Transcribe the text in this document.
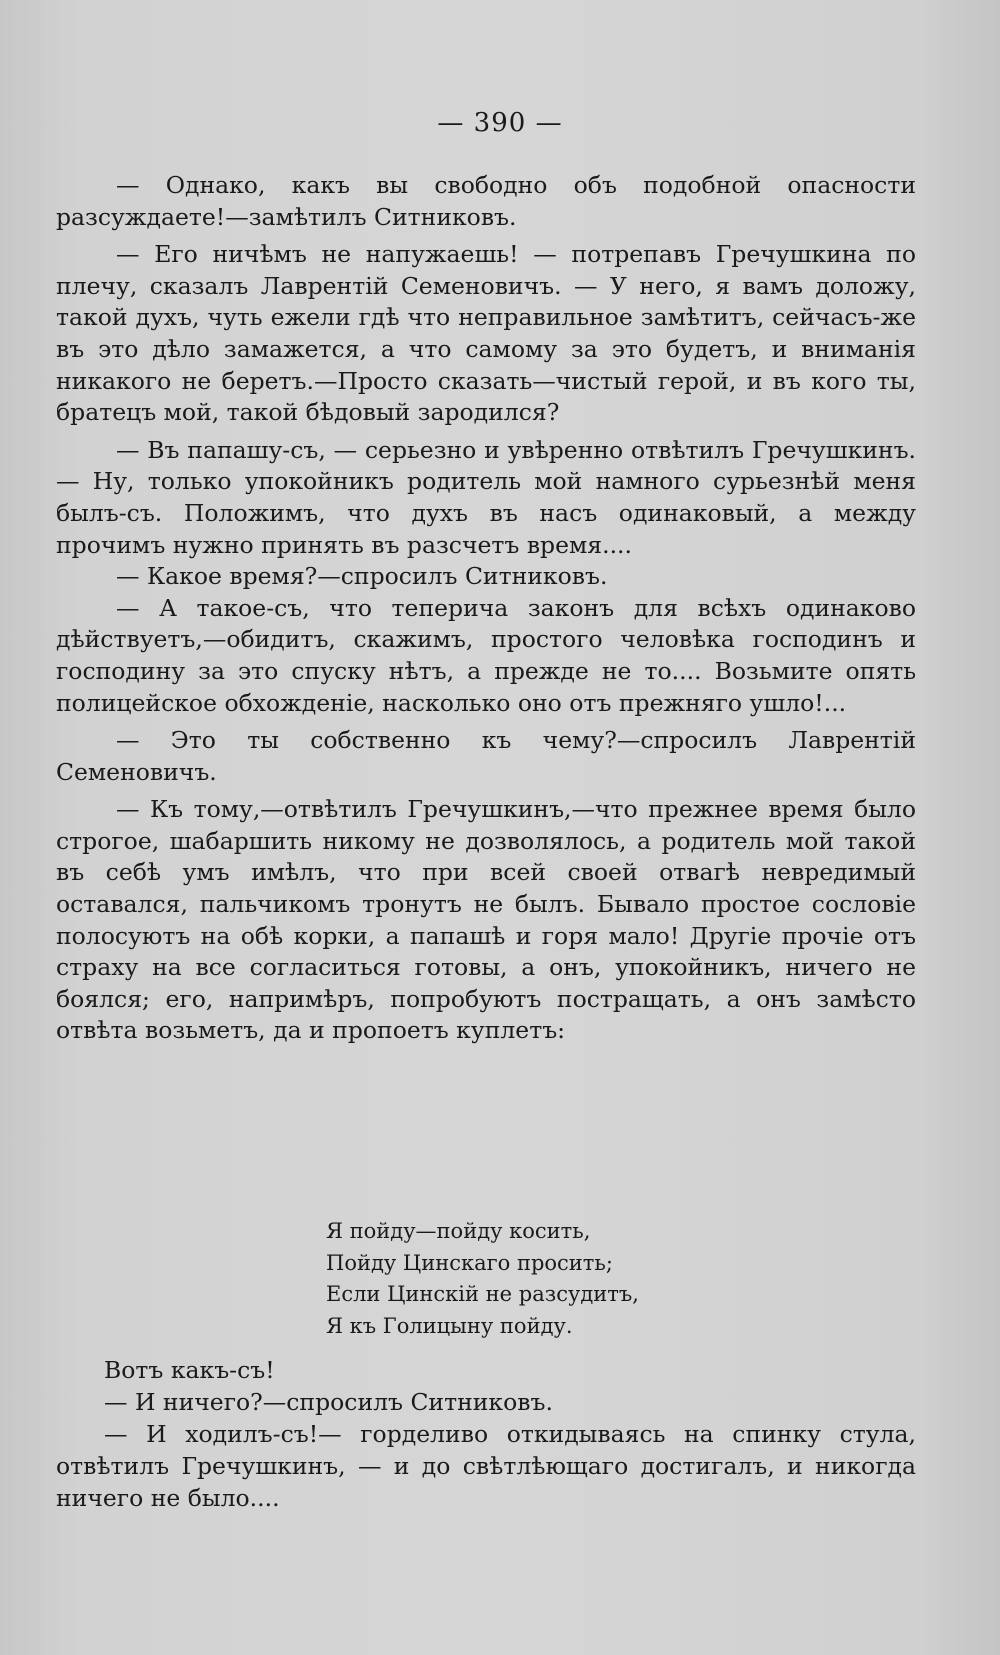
— 390 —

— Однако, какъ вы свободно объ подобной опасности разсуждаете!—замѣтилъ Ситниковъ.

— Его ничѣмъ не напужаешь! — потрепавъ Гречушкина по плечу, сказалъ Лаврентій Семеновичъ. — У него, я вамъ доложу, такой духъ, чуть ежели гдѣ что неправильное замѣтитъ, сейчасъ-же въ это дѣло замажется, а что самому за это будетъ, и вниманія никакого не беретъ.—Просто сказать—чистый герой, и въ кого ты, братецъ мой, такой бѣдовый зародился?

— Въ папашу-съ, — серьезно и увѣренно отвѣтилъ Гречушкинъ. — Ну, только упокойникъ родитель мой намного сурьезнѣй меня былъ-съ. Положимъ, что духъ въ насъ одинаковый, а между прочимъ нужно принять въ разсчетъ время....

— Какое время?—спросилъ Ситниковъ.

— А такое-съ, что теперича законъ для всѣхъ одинаково дѣйствуетъ,—обидитъ, скажимъ, простого человѣка господинъ и господину за это спуску нѣтъ, а прежде не то.... Возьмите опять полицейское обхожденіе, насколько оно отъ прежняго ушло!...

— Это ты собственно къ чему?—спросилъ Лаврентій Семеновичъ.

— Къ тому,—отвѣтилъ Гречушкинъ,—что прежнее время было строгое, шабаршить никому не дозволялось, а родитель мой такой въ себѣ умъ имѣлъ, что при всей своей отвагѣ невредимый оставался, пальчикомъ тронутъ не былъ. Бывало простое сословіе полосуютъ на обѣ корки, а папашѣ и горя мало! Другіе прочіе отъ страху на все согласиться готовы, а онъ, упокойникъ, ничего не боялся; его, напримѣръ, попробуютъ постращать, а онъ замѣсто отвѣта возьметъ, да и пропоетъ куплетъ:

Я пойду—пойду косить,
Пойду Цинскаго просить;
Если Цинскій не разсудитъ,
Я къ Голицыну пойду.

Вотъ какъ-съ!

— И ничего?—спросилъ Ситниковъ.

— И ходилъ-съ!— горделиво откидываясь на спинку стула, отвѣтилъ Гречушкинъ, — и до свѣтлѣющаго достигалъ, и никогда ничего не было....
